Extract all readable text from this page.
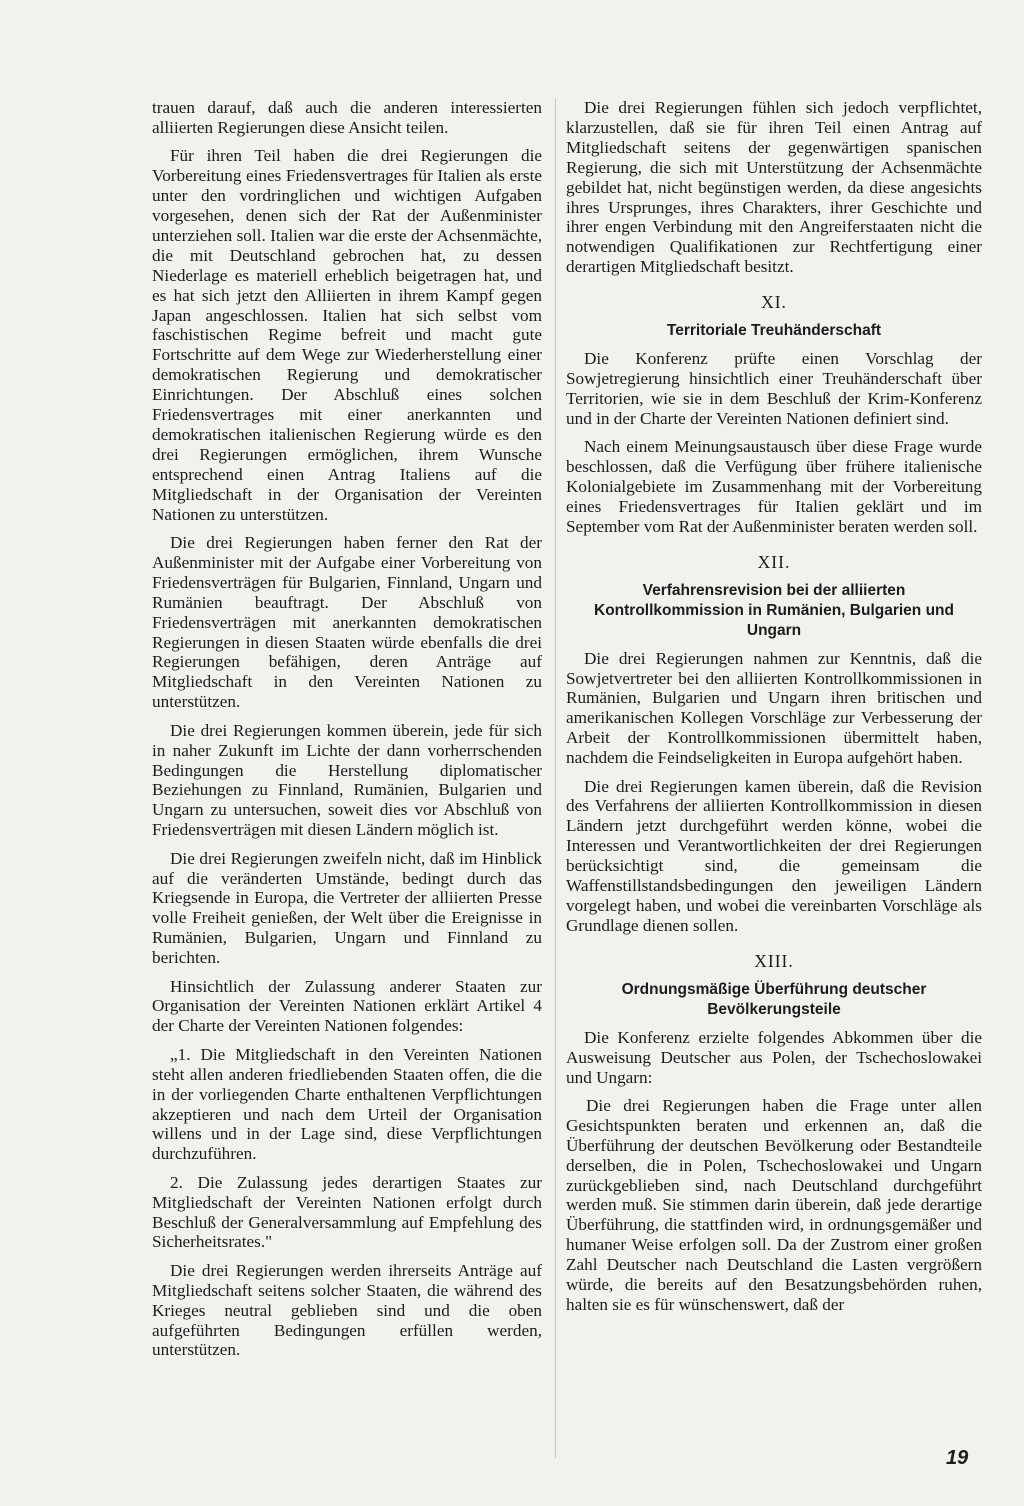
trauen darauf, daß auch die anderen interessierten alliierten Regierungen diese Ansicht teilen.

Für ihren Teil haben die drei Regierungen die Vorbereitung eines Friedensvertrages für Italien als erste unter den vordringlichen und wichtigen Aufgaben vorgesehen, denen sich der Rat der Außenminister unterziehen soll. Italien war die erste der Achsenmächte, die mit Deutschland gebrochen hat, zu dessen Niederlage es materiell erheblich beigetragen hat, und es hat sich jetzt den Alliierten in ihrem Kampf gegen Japan angeschlossen. Italien hat sich selbst vom faschistischen Regime befreit und macht gute Fortschritte auf dem Wege zur Wiederherstellung einer demokratischen Regierung und demokratischer Einrichtungen. Der Abschluß eines solchen Friedensvertrages mit einer anerkannten und demokratischen italienischen Regierung würde es den drei Regierungen ermöglichen, ihrem Wunsche entsprechend einen Antrag Italiens auf die Mitgliedschaft in der Organisation der Vereinten Nationen zu unterstützen.

Die drei Regierungen haben ferner den Rat der Außenminister mit der Aufgabe einer Vorbereitung von Friedensverträgen für Bulgarien, Finnland, Ungarn und Rumänien beauftragt. Der Abschluß von Friedensverträgen mit anerkannten demokratischen Regierungen in diesen Staaten würde ebenfalls die drei Regierungen befähigen, deren Anträge auf Mitgliedschaft in den Vereinten Nationen zu unterstützen.

Die drei Regierungen kommen überein, jede für sich in naher Zukunft im Lichte der dann vorherrschenden Bedingungen die Herstellung diplomatischer Beziehungen zu Finnland, Rumänien, Bulgarien und Ungarn zu untersuchen, soweit dies vor Abschluß von Friedensverträgen mit diesen Ländern möglich ist.

Die drei Regierungen zweifeln nicht, daß im Hinblick auf die veränderten Umstände, bedingt durch das Kriegsende in Europa, die Vertreter der alliierten Presse volle Freiheit genießen, der Welt über die Ereignisse in Rumänien, Bulgarien, Ungarn und Finnland zu berichten.

Hinsichtlich der Zulassung anderer Staaten zur Organisation der Vereinten Nationen erklärt Artikel 4 der Charte der Vereinten Nationen folgendes:

„1. Die Mitgliedschaft in den Vereinten Nationen steht allen anderen friedliebenden Staaten offen, die die in der vorliegenden Charte enthaltenen Verpflichtungen akzeptieren und nach dem Urteil der Organisation willens und in der Lage sind, diese Verpflichtungen durchzuführen.

2. Die Zulassung jedes derartigen Staates zur Mitgliedschaft der Vereinten Nationen erfolgt durch Beschluß der Generalversammlung auf Empfehlung des Sicherheitsrates."

Die drei Regierungen werden ihrerseits Anträge auf Mitgliedschaft seitens solcher Staaten, die während des Krieges neutral geblieben sind und die oben aufgeführten Bedingungen erfüllen werden, unterstützen.

Die drei Regierungen fühlen sich jedoch verpflichtet, klarzustellen, daß sie für ihren Teil einen Antrag auf Mitgliedschaft seitens der gegenwärtigen spanischen Regierung, die sich mit Unterstützung der Achsenmächte gebildet hat, nicht begünstigen werden, da diese angesichts ihres Ursprunges, ihres Charakters, ihrer Geschichte und ihrer engen Verbindung mit den Angreiferstaaten nicht die notwendigen Qualifikationen zur Rechtfertigung einer derartigen Mitgliedschaft besitzt.

XI.
Territoriale Treuhänderschaft

Die Konferenz prüfte einen Vorschlag der Sowjetregierung hinsichtlich einer Treuhänderschaft über Territorien, wie sie in dem Beschluß der Krim-Konferenz und in der Charte der Vereinten Nationen definiert sind.

Nach einem Meinungsaustausch über diese Frage wurde beschlossen, daß die Verfügung über frühere italienische Kolonialgebiete im Zusammenhang mit der Vorbereitung eines Friedensvertrages für Italien geklärt und im September vom Rat der Außenminister beraten werden soll.

XII.
Verfahrensrevision bei der alliierten Kontrollkommission in Rumänien, Bulgarien und Ungarn

Die drei Regierungen nahmen zur Kenntnis, daß die Sowjetvertreter bei den alliierten Kontrollkommissionen in Rumänien, Bulgarien und Ungarn ihren britischen und amerikanischen Kollegen Vorschläge zur Verbesserung der Arbeit der Kontrollkommissionen übermittelt haben, nachdem die Feindseligkeiten in Europa aufgehört haben.

Die drei Regierungen kamen überein, daß die Revision des Verfahrens der alliierten Kontrollkommission in diesen Ländern jetzt durchgeführt werden könne, wobei die Interessen und Verantwortlichkeiten der drei Regierungen berücksichtigt sind, die gemeinsam die Waffenstillstandsbedingungen den jeweiligen Ländern vorgelegt haben, und wobei die vereinbarten Vorschläge als Grundlage dienen sollen.

XIII.
Ordnungsmäßige Überführung deutscher Bevölkerungsteile

Die Konferenz erzielte folgendes Abkommen über die Ausweisung Deutscher aus Polen, der Tschechoslowakei und Ungarn:

Die drei Regierungen haben die Frage unter allen Gesichtspunkten beraten und erkennen an, daß die Überführung der deutschen Bevölkerung oder Bestandteile derselben, die in Polen, Tschechoslowakei und Ungarn zurückgeblieben sind, nach Deutschland durchgeführt werden muß. Sie stimmen darin überein, daß jede derartige Überführung, die stattfinden wird, in ordnungsgemäßer und humaner Weise erfolgen soll. Da der Zustrom einer großen Zahl Deutscher nach Deutschland die Lasten vergrößern würde, die bereits auf den Besatzungsbehörden ruhen, halten sie es für wünschenswert, daß der

19
